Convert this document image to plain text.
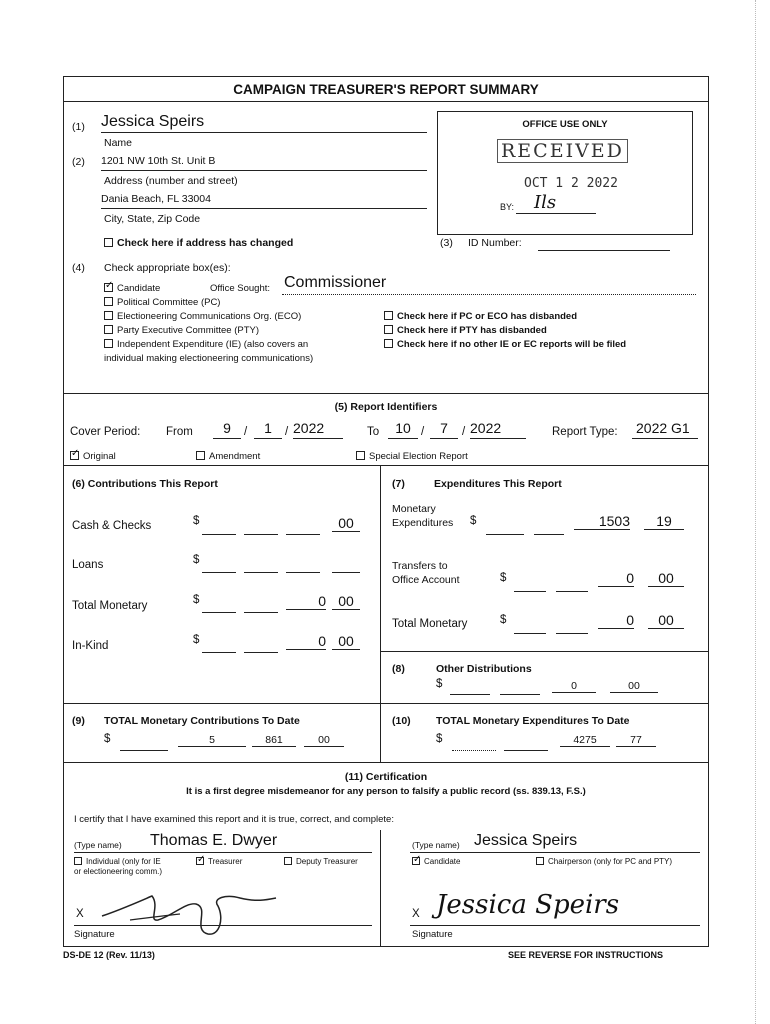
CAMPAIGN TREASURER'S REPORT SUMMARY
(1) Jessica Speirs
Name
(2) 1201 NW 10th St. Unit B
Address (number and street)
Dania Beach, FL 33004
City, State, Zip Code
Check here if address has changed
OFFICE USE ONLY
RECEIVED
OCT 1 2 2022
BY: Ils
(3) ID Number:
(4) Check appropriate box(es):
✓Candidate	Office Sought: Commissioner
Political Committee (PC)
Electioneering Communications Org. (ECO)
Party Executive Committee (PTY)
Independent Expenditure (IE) (also covers an
individual making electioneering communications)
Check here if PC or ECO has disbanded
Check here if PTY has disbanded
Check here if no other IE or EC reports will be filed
(5) Report Identifiers
Cover Period: From	9	/	1	/ 2022	To	10 /	7	/ 2022	Report Type: 2022 G1
✓Original	Amendment	Special Election Report
(6) Contributions This Report
Cash & Checks	$	00
Loans	$
Total Monetary	$	0 00
In-Kind	$	0 00
(7)	Expenditures This Report
Monetary
Expenditures $	1503	19
Transfers to
Office Account	$	0	00
Total Monetary	$	0	00
(8)	Other Distributions
$	0	00
(9) TOTAL Monetary Contributions To Date
$	5	861	00
(10) TOTAL Monetary Expenditures To Date
$	4275	77
(11) Certification
It is a first degree misdemeanor for any person to falsify a public record (ss. 839.13, F.S.)
I certify that I have examined this report and it is true, correct, and complete:
(Type name) Thomas E. Dwyer
Individual (only for IE
or electioneering comm.)
✓Treasurer	Deputy Treasurer
X
Signature
(Type name) Jessica Speirs
✓Candidate	Chairperson (only for PC and PTY)
X Jessica Speirs
Signature
DS-DE 12 (Rev. 11/13)	SEE REVERSE FOR INSTRUCTIONS
